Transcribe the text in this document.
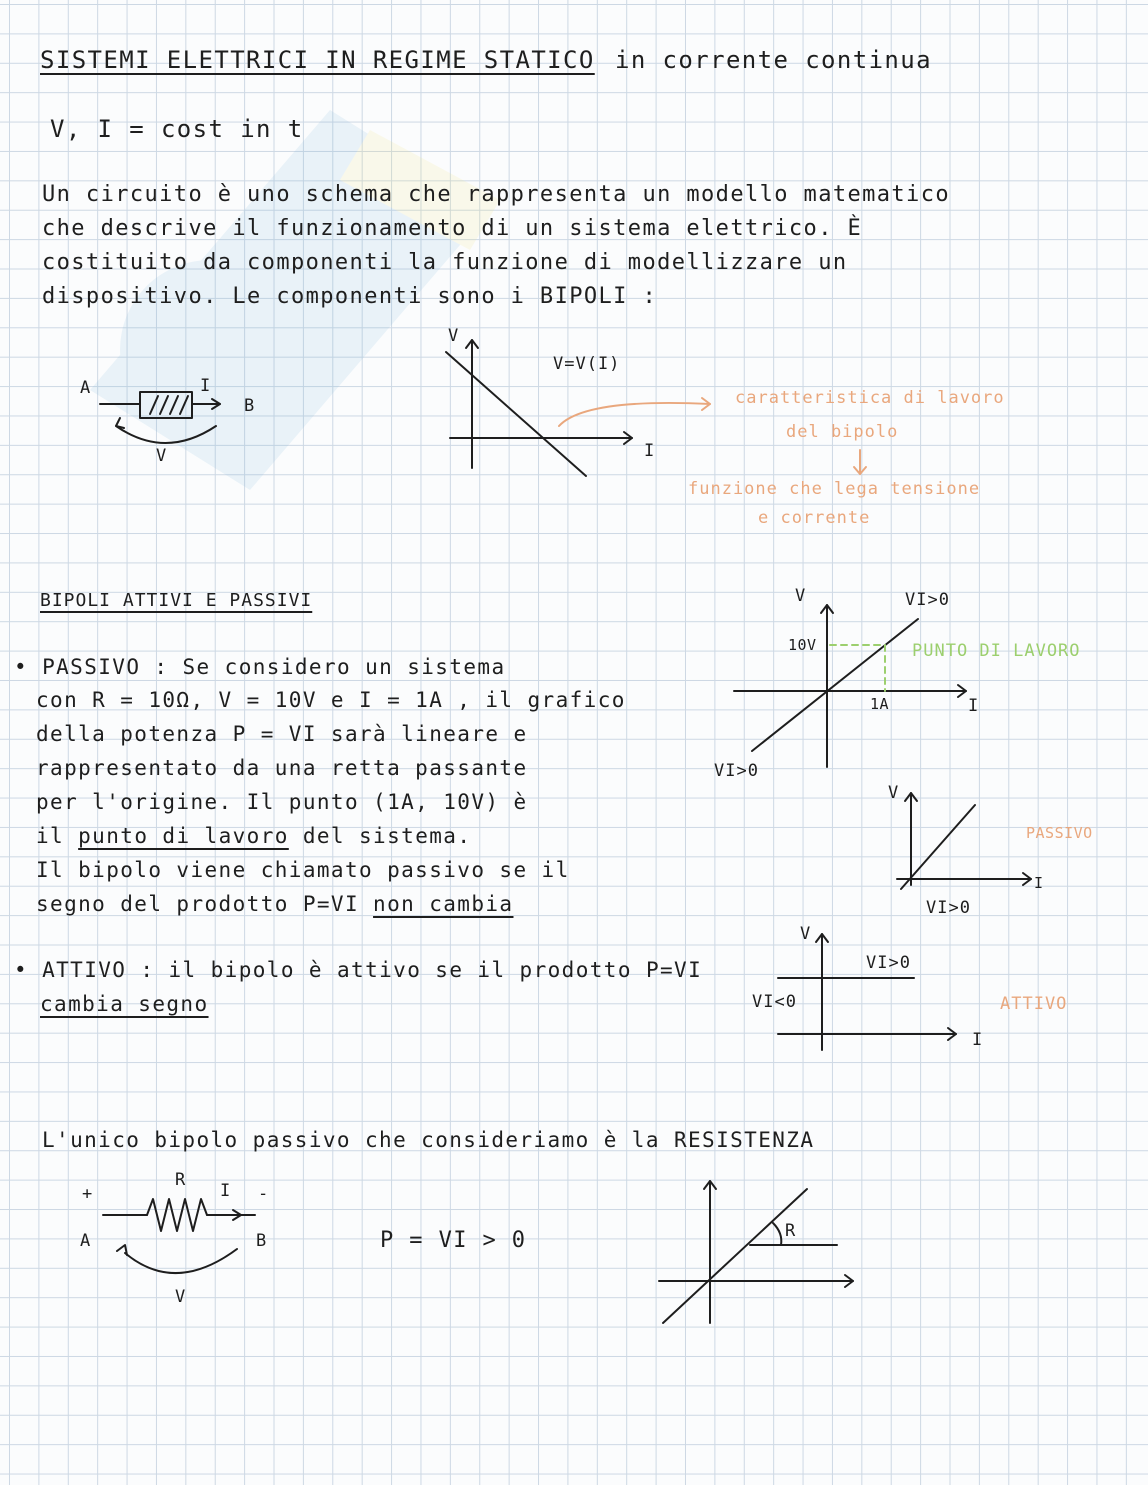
SISTEMI ELETTRICI IN REGIME STATICO in corrente continua
V, I = cost in t
Un circuito è uno schema che rappresenta un modello matematico
che descrive il funzionamento di un sistema elettrico. È
costituito da componenti la funzione di modellizzare un
dispositivo. Le componenti sono i BIPOLI :
A	I
B
V
V
I
V=V(I)
caratteristica di lavoro
del bipolo
funzione che lega tensione
e corrente
BIPOLI ATTIVI E PASSIVI
• PASSIVO : Se considero un sistema
con R = 10Ω, V = 10V e I = 1A , il grafico
della potenza P = VI sarà lineare e
rappresentato da una retta passante
per l'origine. Il punto (1A, 10V) è
il punto di lavoro del sistema.
Il bipolo viene chiamato passivo se il
segno del prodotto P=VI non cambia
• ATTIVO : il bipolo è attivo se il prodotto P=VI
cambia segno
V
I
VI>0
VI>0
10V
1A
PUNTO DI LAVORO
V
I
VI>0
PASSIVO
V
I
VI>0
VI<0	ATTIVO
L'unico bipolo passivo che consideriamo è la RESISTENZA
+	-
R
I
A	B
V
P = VI > 0	R
